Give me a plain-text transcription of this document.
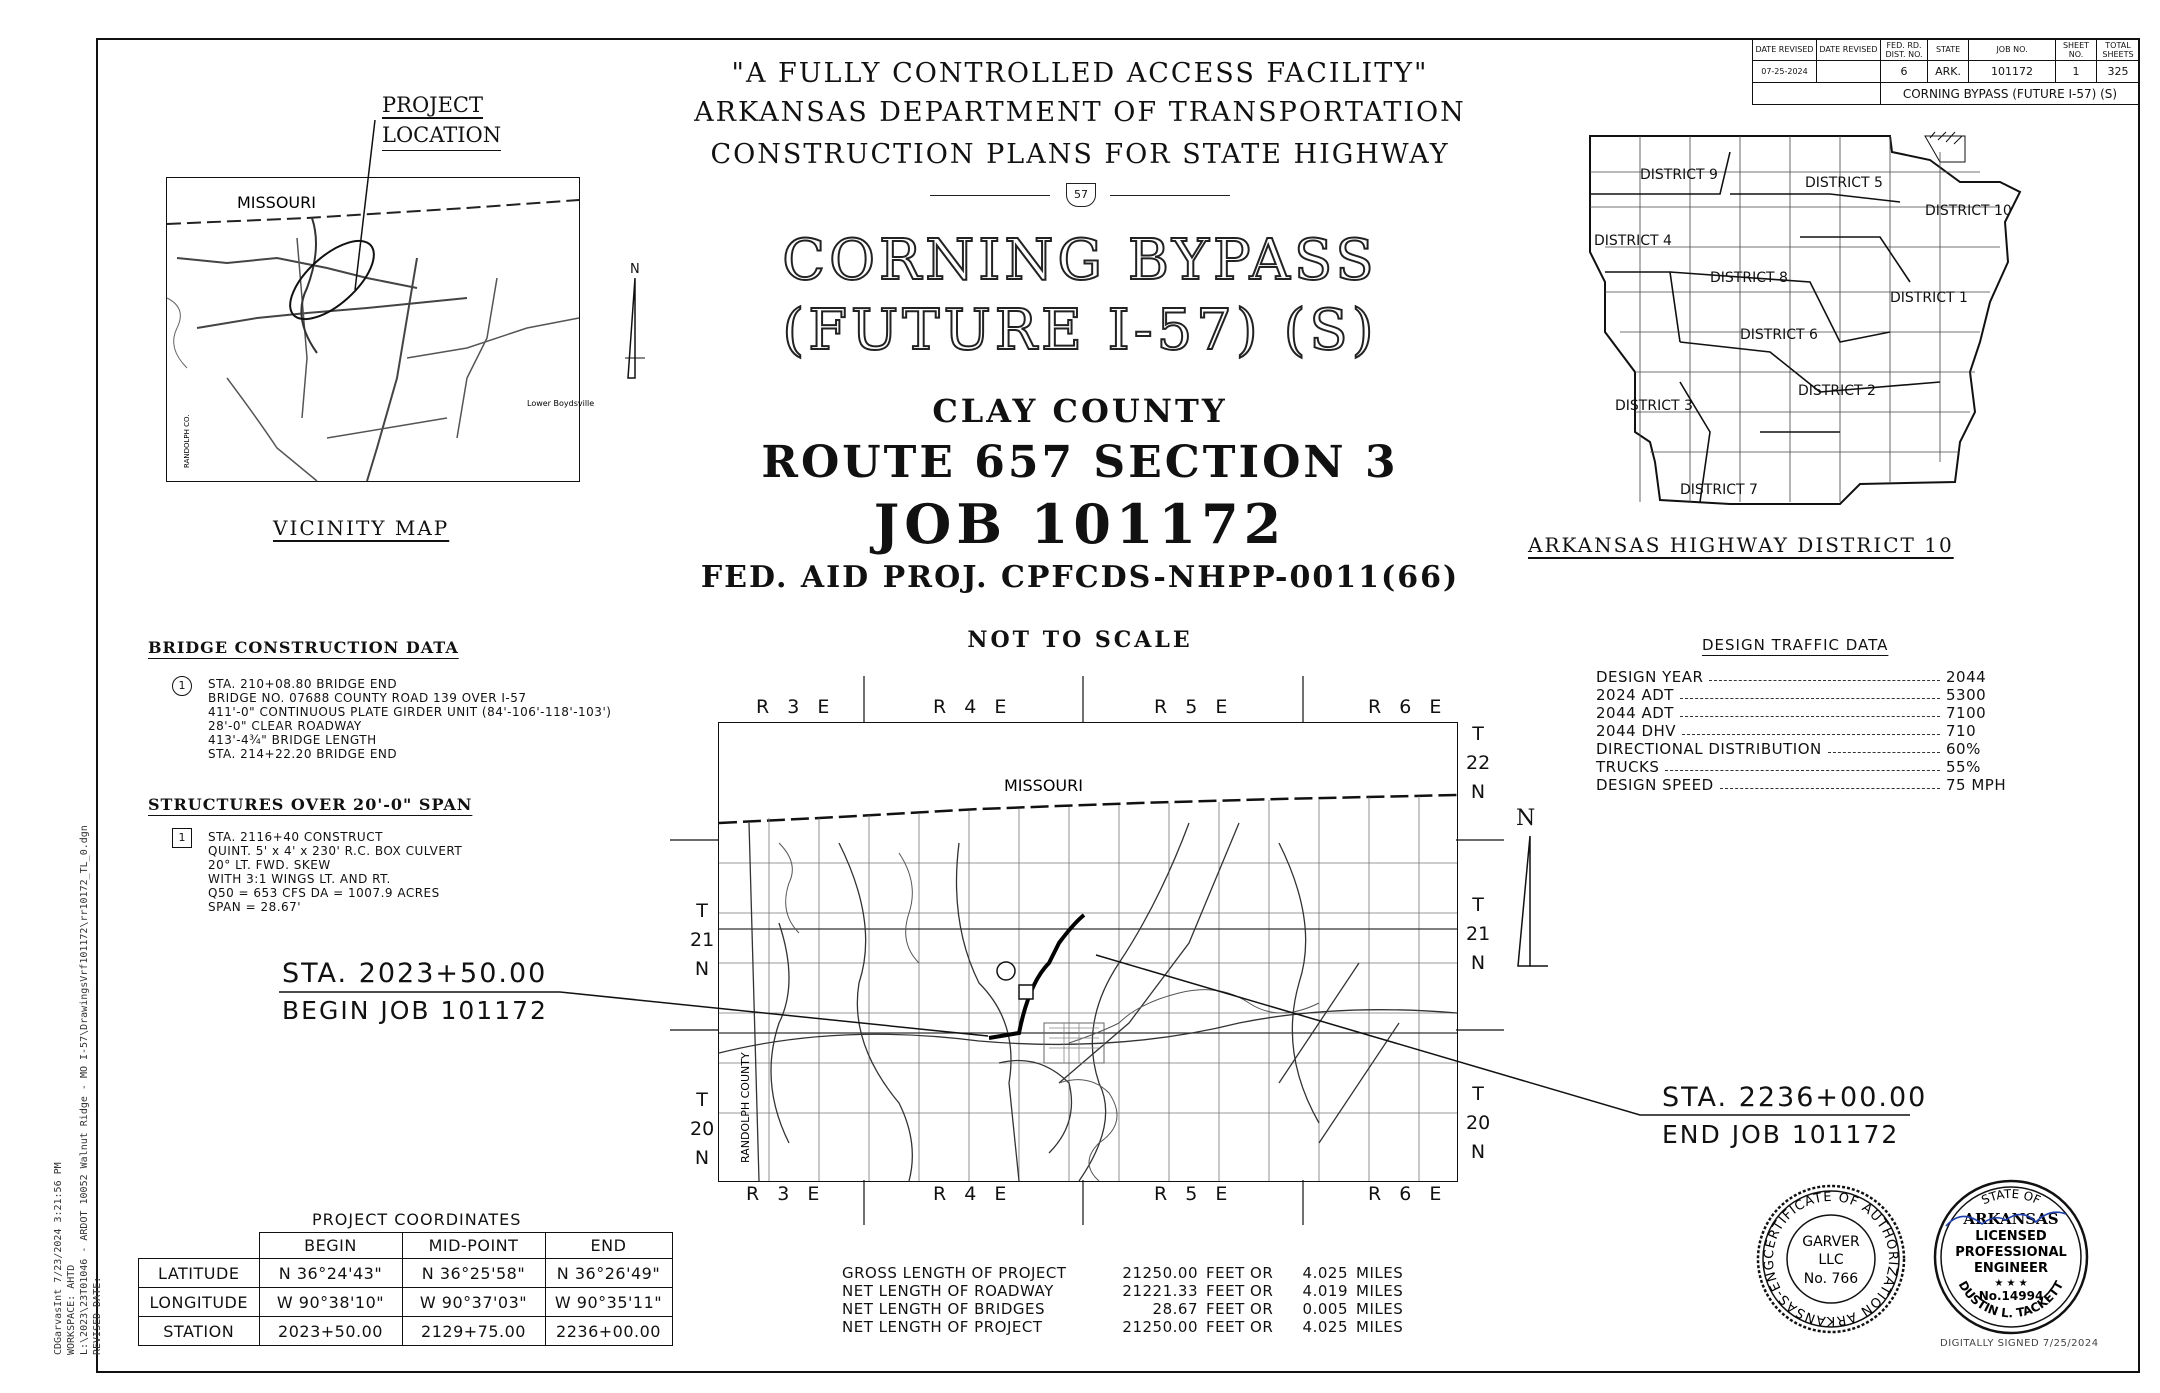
CDGarvasInt 7/23/2024 3:21:56 PM WORKSPACE: AHTD L:\2023\23T01046 - ARDOT 10052 Walnut Ridge - MO I-57\DrawingsVrf101172\rr10172_TL_0.dgn REVISED DATE:
DATE REVISED	DATE REVISED	FED. RD. DIST. NO.	STATE	JOB NO.	SHEET NO.	TOTAL SHEETS
07-25-2024		6	ARK.	101172	1	325
		CORNING BYPASS (FUTURE I-57) (S)				
"A FULLY CONTROLLED ACCESS FACILITY"
ARKANSAS DEPARTMENT OF TRANSPORTATION
CONSTRUCTION PLANS FOR STATE HIGHWAY
57
CORNING BYPASS
(FUTURE I-57) (S)
CLAY COUNTY
ROUTE 657 SECTION 3
JOB 101172
FED. AID PROJ. CPFCDS-NHPP-0011(66)
NOT TO SCALE
PROJECT
LOCATION
MISSOURI
Lower Boydsville
RANDOLPH CO.
N
VICINITY MAP
DISTRICT 9	DISTRICT 5
DISTRICT 10
DISTRICT 4
DISTRICT 8
DISTRICT 1
DISTRICT 6
DISTRICT 2
DISTRICT 3
DISTRICT 7
ARKANSAS HIGHWAY DISTRICT 10
BRIDGE CONSTRUCTION DATA
1	STA. 210+08.80 BRIDGE END
BRIDGE NO. 07688 COUNTY ROAD 139 OVER I-57
411'-0" CONTINUOUS PLATE GIRDER UNIT (84'-106'-118'-103')
28'-0" CLEAR ROADWAY
413'-4¾" BRIDGE LENGTH
STA. 214+22.20 BRIDGE END
STRUCTURES OVER 20'-0" SPAN
1	STA. 2116+40 CONSTRUCT
QUINT. 5' x 4' x 230' R.C. BOX CULVERT
20° LT. FWD. SKEW
WITH 3:1 WINGS LT. AND RT.
Q50 = 653 CFS DA = 1007.9 ACRES
SPAN = 28.67'
DESIGN TRAFFIC DATA
DESIGN YEAR	2044
2024 ADT	5300
2044 ADT	7100
2044 DHV	710
DIRECTIONAL DISTRIBUTION	60%
TRUCKS	55%
DESIGN SPEED	75 MPH
R 3 E	R 4 E	R 5 E	R 6 E
R 3 E	R 4 E	R 5 E	R 6 E
T
22
N
T
21
N
T
20
N
T
21
N
T
20
N
MISSOURI
RANDOLPH COUNTY
N
STA. 2023+50.00
BEGIN JOB 101172
STA. 2236+00.00
END JOB 101172
PROJECT COORDINATES
	BEGIN	MID-POINT	END
LATITUDE	N 36°24'43"	N 36°25'58"	N 36°26'49"
LONGITUDE	W 90°38'10"	W 90°37'03"	W 90°35'11"
STATION	2023+50.00	2129+75.00	2236+00.00
GROSS LENGTH OF PROJECT	21250.00 FEET OR	4.025 MILES
NET LENGTH OF ROADWAY	21221.33 FEET OR	4.019 MILES
NET LENGTH OF BRIDGES	28.67 FEET OR	0.005 MILES
NET LENGTH OF PROJECT	21250.00 FEET OR	4.025 MILES
CERTIFICATE OF AUTHORIZATION ARKANSAS-ENG
GARVER
LLC
No. 766
STATE OF
ARKANSAS
LICENSED
PROFESSIONAL
ENGINEER
★ ★ ★
No.14994
DUSTIN L. TACKETT
DIGITALLY SIGNED 7/25/2024
